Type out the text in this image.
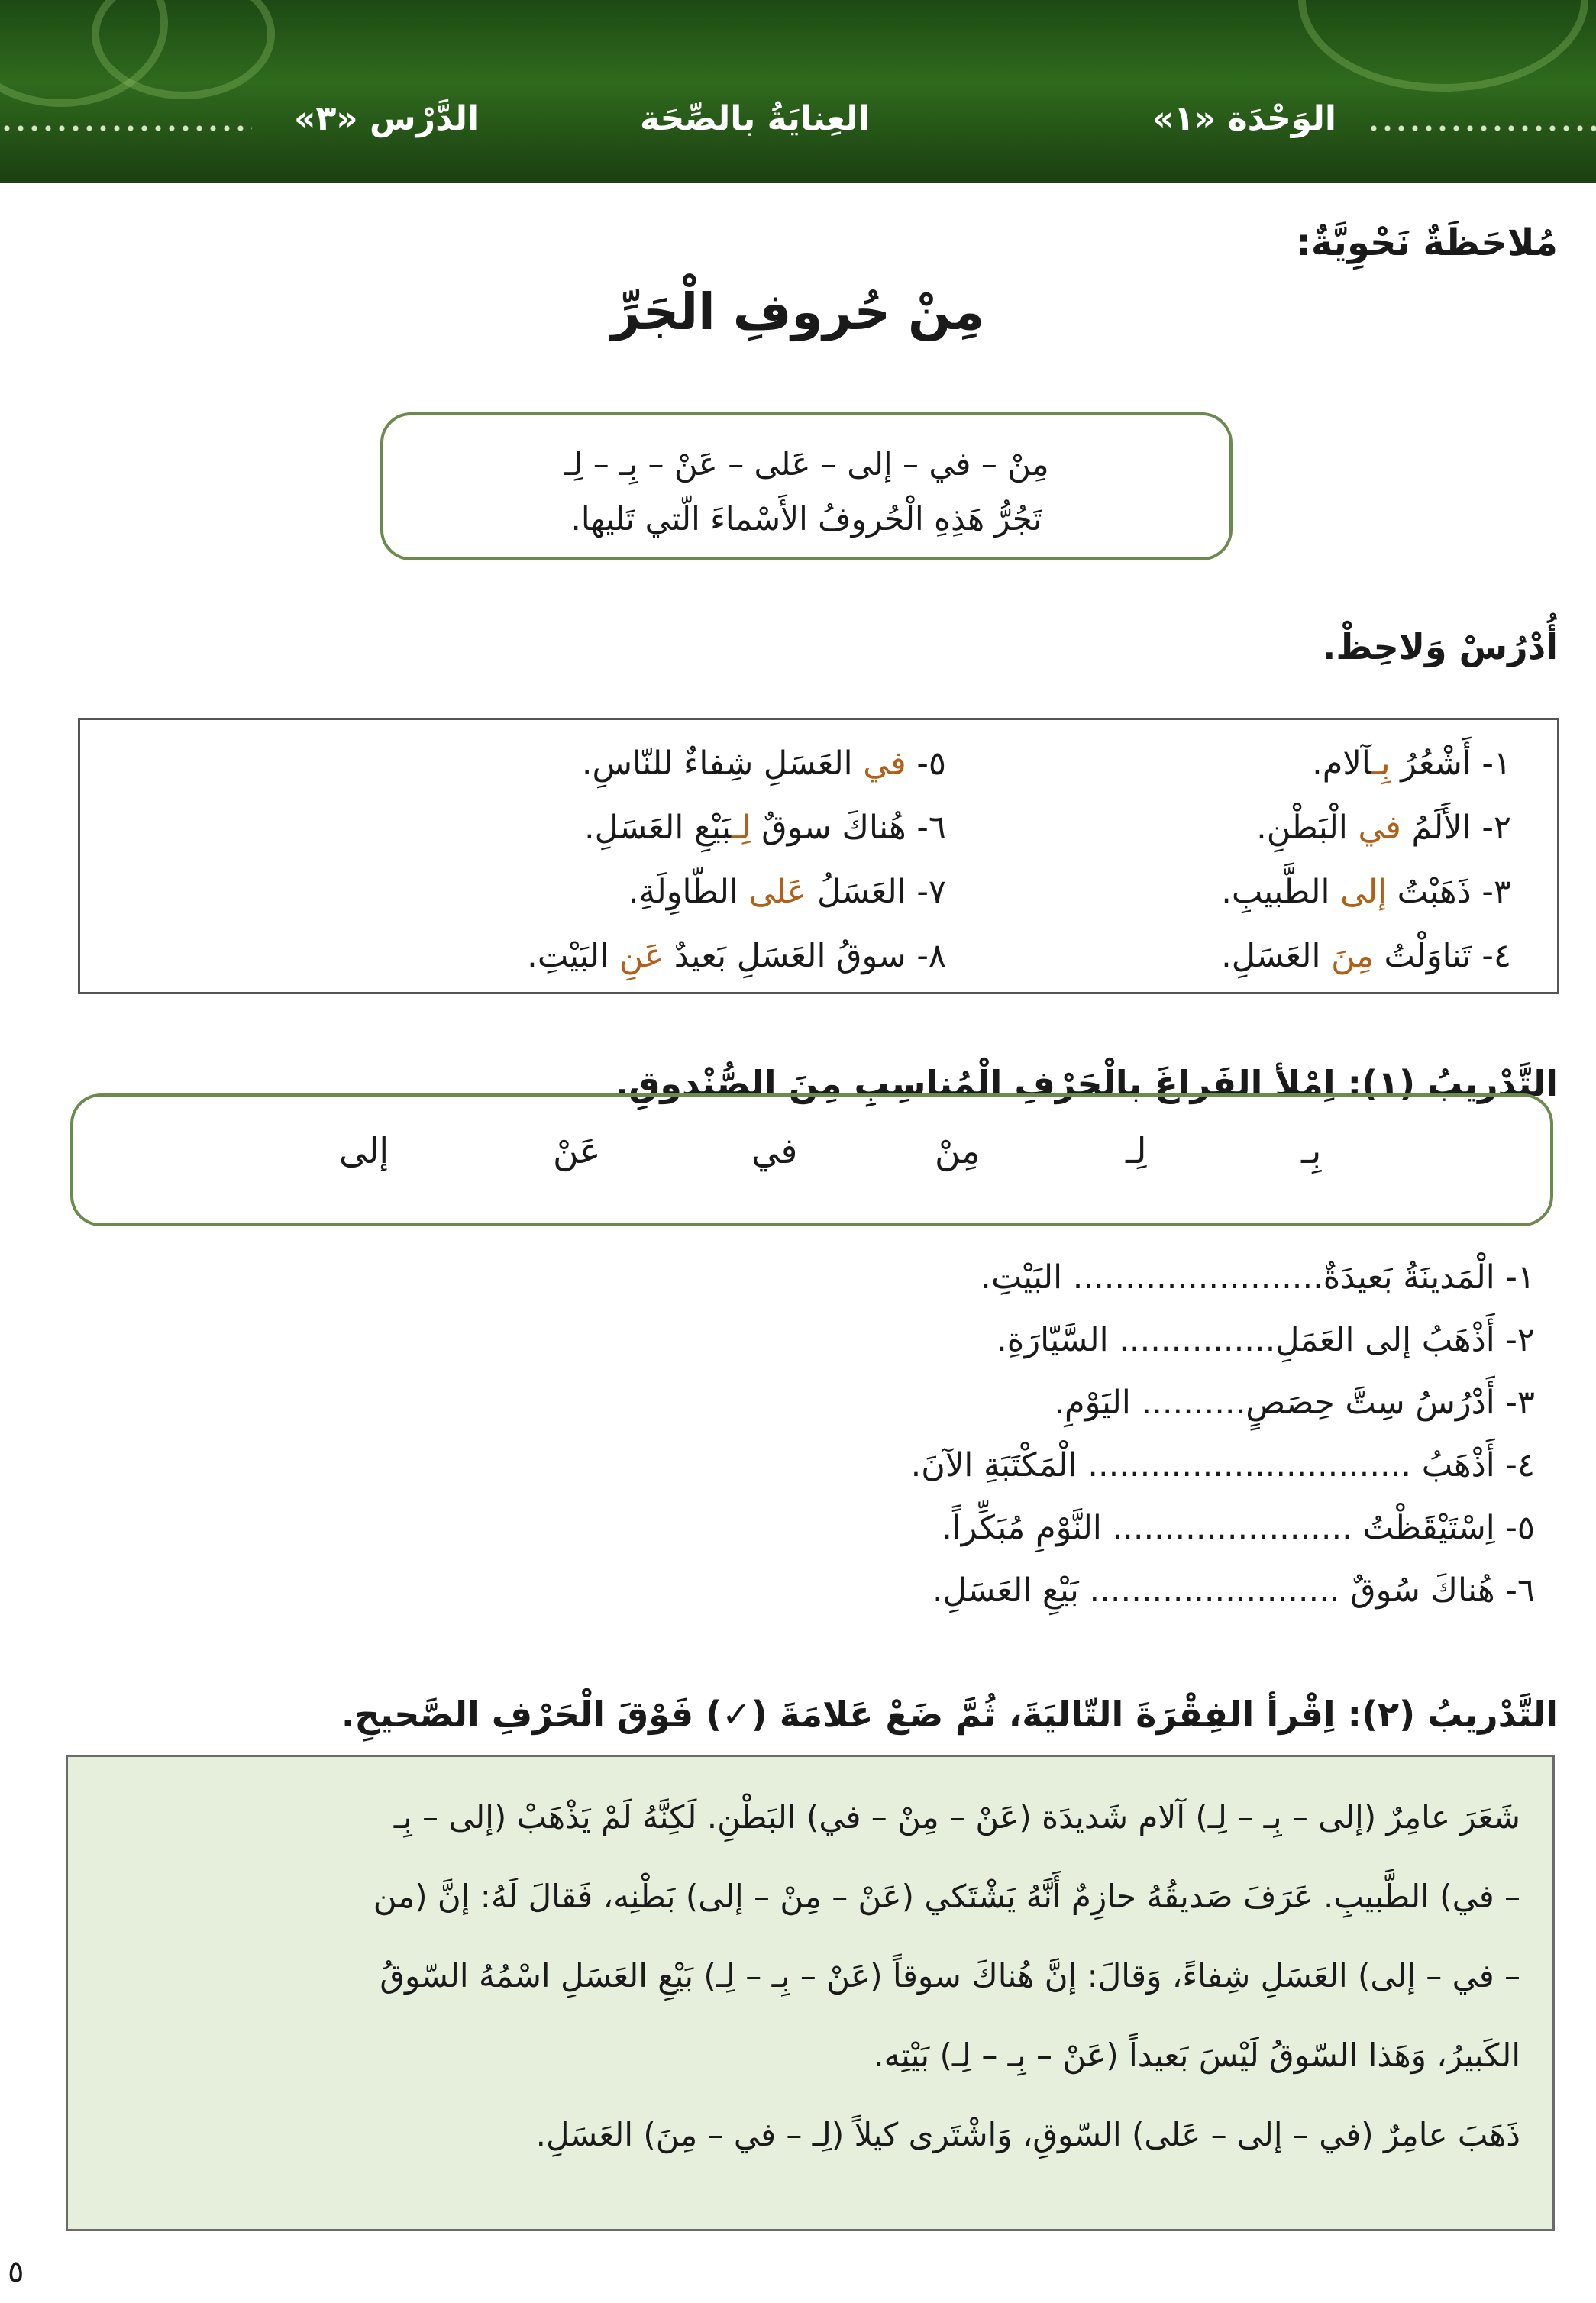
الوَحْدَة «١»
العِنايَةُ بالصِّحَة
الدَّرْس «٣»
مُلاحَظَةٌ نَحْوِيَّةٌ:
مِنْ حُروفِ الْجَرِّ
مِنْ – في – إلى – عَلى – عَنْ – بِـ – لِـ
تَجُرُّ هَذِهِ الْحُروفُ الأَسْماءَ الّتي تَليها.
أُدْرُسْ وَلاحِظْ.
١- أَشْعُرُ بِـآلام.
٢- الأَلَمُ في الْبَطْنِ.
٣- ذَهَبْتُ إلى الطَّبيبِ.
٤- تَناوَلْتُ مِنَ العَسَلِ.
٥- في العَسَلِ شِفاءٌ للنّاسِ.
٦- هُناكَ سوقٌ لِـبَيْعِ العَسَلِ.
٧- العَسَلُ عَلى الطّاوِلَةِ.
٨- سوقُ العَسَلِ بَعيدٌ عَنِ البَيْتِ.
التَّدْريبُ (١): اِمْلأ الفَراغَ بالْحَرْفِ الْمُناسِبِ مِنَ الصُّنْدوقِ.
بِـ
لِـ
مِنْ
في
عَنْ
إلى
١- الْمَدينَةُ بَعيدَةٌ........................ البَيْتِ.
٢- أَذْهَبُ إلى العَمَلِ............... السَّيّارَةِ.
٣- أَدْرُسُ سِتَّ حِصَصٍ.......... اليَوْمِ.
٤- أَذْهَبُ ............................... الْمَكْتَبَةِ الآنَ.
٥- اِسْتَيْقَظْتُ ....................... النَّوْمِ مُبَكِّراً.
٦- هُناكَ سُوقٌ ........................ بَيْعِ العَسَلِ.
التَّدْريبُ (٢): اِقْرأ الفِقْرَةَ التّاليَةَ، ثُمَّ ضَعْ عَلامَةَ (✓) فَوْقَ الْحَرْفِ الصَّحيحِ.
شَعَرَ عامِرٌ (إلى – بِـ – لِـ) آلام شَديدَة (عَنْ – مِنْ – في) البَطْنِ. لَكِنَّهُ لَمْ يَذْهَبْ (إلى – بِـ
– في) الطَّبيبِ. عَرَفَ صَديقُهُ حازِمٌ أَنَّهُ يَشْتَكي (عَنْ – مِنْ – إلى) بَطْنِه، فَقالَ لَهُ: إنَّ (من
– في – إلى) العَسَلِ شِفاءً، وَقالَ: إنَّ هُناكَ سوقاً (عَنْ – بِـ – لِـ) بَيْعِ العَسَلِ اسْمُهُ السّوقُ
الكَبيرُ، وَهَذا السّوقُ لَيْسَ بَعيداً (عَنْ – بِـ – لِـ) بَيْتِه.
ذَهَبَ عامِرٌ (في – إلى – عَلى) السّوقِ، وَاشْتَرى كيلاً (لِـ – في – مِنَ) العَسَلِ.
٥
